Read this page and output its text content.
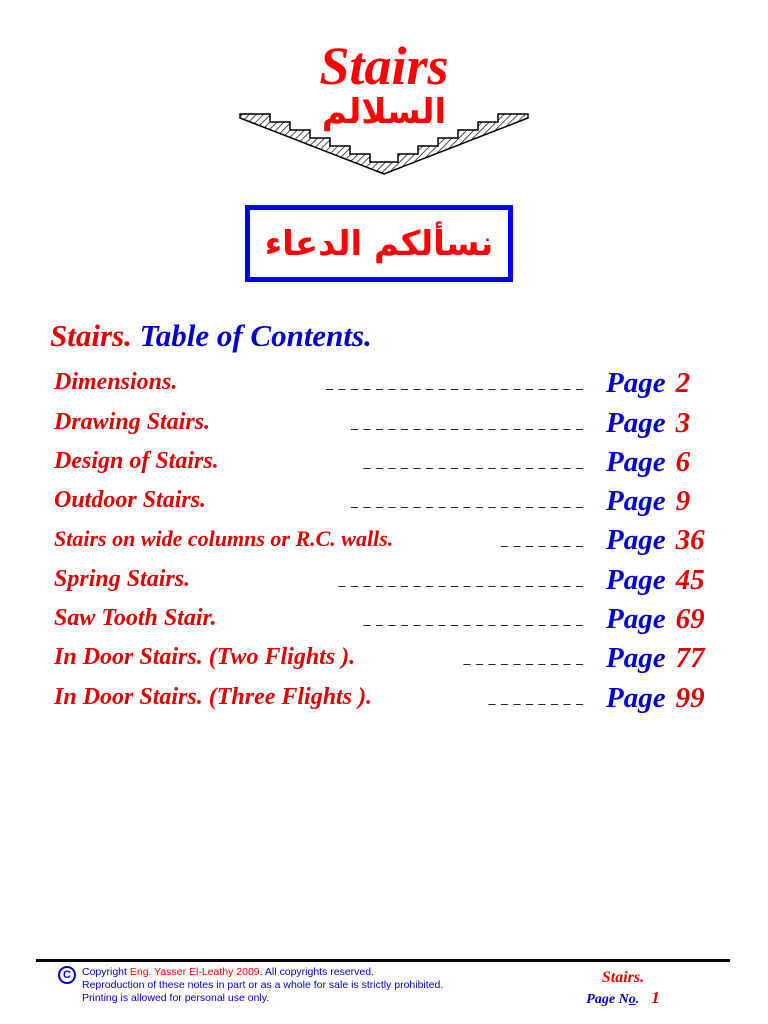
Stairs
السلالم
نسألكم الدعاء
Stairs. Table of Contents.
Dimensions.	_ _ _ _ _ _ _ _ _ _ _ _ _ _ _ _ _ _ _ _ _ Page 2
Drawing Stairs.	_ _ _ _ _ _ _ _ _ _ _ _ _ _ _ _ _ _ _ Page 3
Design of Stairs.	_ _ _ _ _ _ _ _ _ _ _ _ _ _ _ _ _ _ Page 6
Outdoor Stairs.	_ _ _ _ _ _ _ _ _ _ _ _ _ _ _ _ _ _ _ Page 9
Stairs on wide columns or R.C. walls.	_ _ _ _ _ _ _ Page 36
Spring Stairs.	_ _ _ _ _ _ _ _ _ _ _ _ _ _ _ _ _ _ _ _ Page 45
Saw Tooth Stair.	_ _ _ _ _ _ _ _ _ _ _ _ _ _ _ _ _ _ Page 69
In Door Stairs. (Two Flights ).	_ _ _ _ _ _ _ _ _ _ Page 77
In Door Stairs. (Three Flights ).	_ _ _ _ _ _ _ _ Page 99
C Copyright Eng. Yasser El-Leathy 2009. All copyrights reserved.
Reproduction of these notes in part or as a whole for sale is strictly prohibited.
Printing is allowed for personal use only.
Stairs.
Page No. 1
